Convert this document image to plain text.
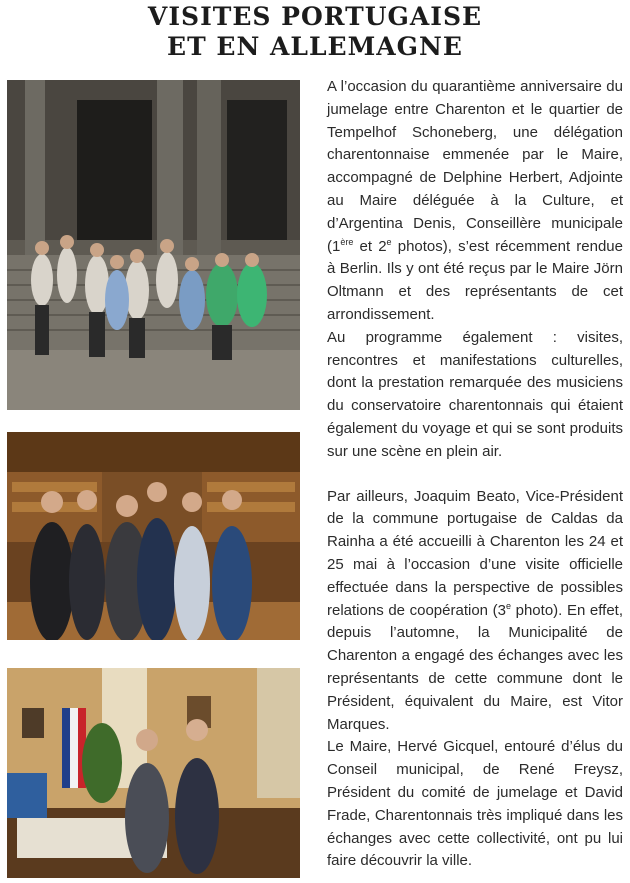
VISITES PORTUGAISE
ET EN ALLEMAGNE

A l’occasion du quarantième anniversaire du jumelage entre Charenton et le quartier de Tempelhof Schoneberg, une délégation charentonnaise emmenée par le Maire, accompagné de Delphine Herbert, Adjointe au Maire déléguée à la Culture, et d’Argentina Denis, Conseillère municipale (1ère et 2e photos), s’est récemment rendue à Berlin. Ils y ont été reçus par le Maire Jörn Oltmann et des représentants de cet arrondissement.

Au programme également : visites, rencontres et manifestations culturelles, dont la prestation remarquée des musiciens du conservatoire charentonnais qui étaient également du voyage et qui se sont produits sur une scène en plein air.

Par ailleurs, Joaquim Beato, Vice-Président de la commune portugaise de Caldas da Rainha a été accueilli à Charenton les 24 et 25 mai à l’occasion d’une visite officielle effectuée dans la perspective de possibles relations de coopération (3e photo). En effet, depuis l’automne, la Municipalité de Charenton a engagé des échanges avec les représentants de cette commune dont le Président, équivalent du Maire, est Vitor Marques.

Le Maire, Hervé Gicquel, entouré d’élus du Conseil municipal, de René Freysz, Président du comité de jumelage et David Frade, Charentonnais très impliqué dans les échanges avec cette collectivité, ont pu lui faire découvrir la ville.
